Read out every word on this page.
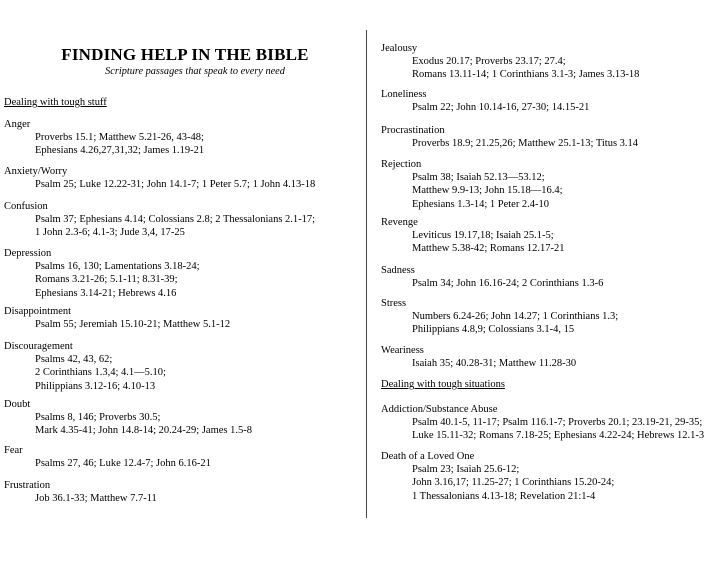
FINDING HELP IN THE BIBLE
Scripture passages that speak to every need
Dealing with tough stuff
Anger
Proverbs 15.1; Matthew 5.21-26, 43-48;
Ephesians 4.26,27,31,32; James 1.19-21
Anxiety/Worry
Psalm 25; Luke 12.22-31; John 14.1-7; 1 Peter 5.7; 1 John 4.13-18
Confusion
Psalm 37; Ephesians 4.14; Colossians 2.8; 2 Thessalonians 2.1-17;
1 John 2.3-6; 4.1-3; Jude 3,4, 17-25
Depression
Psalms 16, 130; Lamentations 3.18-24;
Romans 3.21-26; 5.1-11; 8.31-39;
Ephesians 3.14-21; Hebrews 4.16
Disappointment
Psalm 55; Jeremiah 15.10-21; Matthew 5.1-12
Discouragement
Psalms 42, 43, 62;
2 Corinthians 1.3,4; 4.1—5.10;
Philippians 3.12-16; 4.10-13
Doubt
Psalms 8, 146; Proverbs 30.5;
Mark 4.35-41; John 14.8-14; 20.24-29; James 1.5-8
Fear
Psalms 27, 46; Luke 12.4-7; John 6.16-21
Frustration
Job 36.1-33; Matthew 7.7-11
Jealousy
Exodus 20.17; Proverbs 23.17; 27.4;
Romans 13.11-14; 1 Corinthians 3.1-3; James 3.13-18
Loneliness
Psalm 22; John 10.14-16, 27-30; 14.15-21
Procrastination
Proverbs 18.9; 21.25,26; Matthew 25.1-13; Titus 3.14
Rejection
Psalm 38; Isaiah 52.13—53.12;
Matthew 9.9-13; John 15.18—16.4;
Ephesians 1.3-14; 1 Peter 2.4-10
Revenge
Leviticus 19.17,18; Isaiah 25.1-5;
Matthew 5.38-42; Romans 12.17-21
Sadness
Psalm 34; John 16.16-24; 2 Corinthians 1.3-6
Stress
Numbers 6.24-26; John 14.27; 1 Corinthians 1.3;
Philippians 4.8,9; Colossians 3.1-4, 15
Weariness
Isaiah 35; 40.28-31; Matthew 11.28-30
Dealing with tough situations
Addiction/Substance Abuse
Psalm 40.1-5, 11-17; Psalm 116.1-7; Proverbs 20.1; 23.19-21, 29-35;
Luke 15.11-32; Romans 7.18-25; Ephesians 4.22-24; Hebrews 12.1-3
Death of a Loved One
Psalm 23; Isaiah 25.6-12;
John 3.16,17; 11.25-27; 1 Corinthians 15.20-24;
1 Thessalonians 4.13-18; Revelation 21:1-4
